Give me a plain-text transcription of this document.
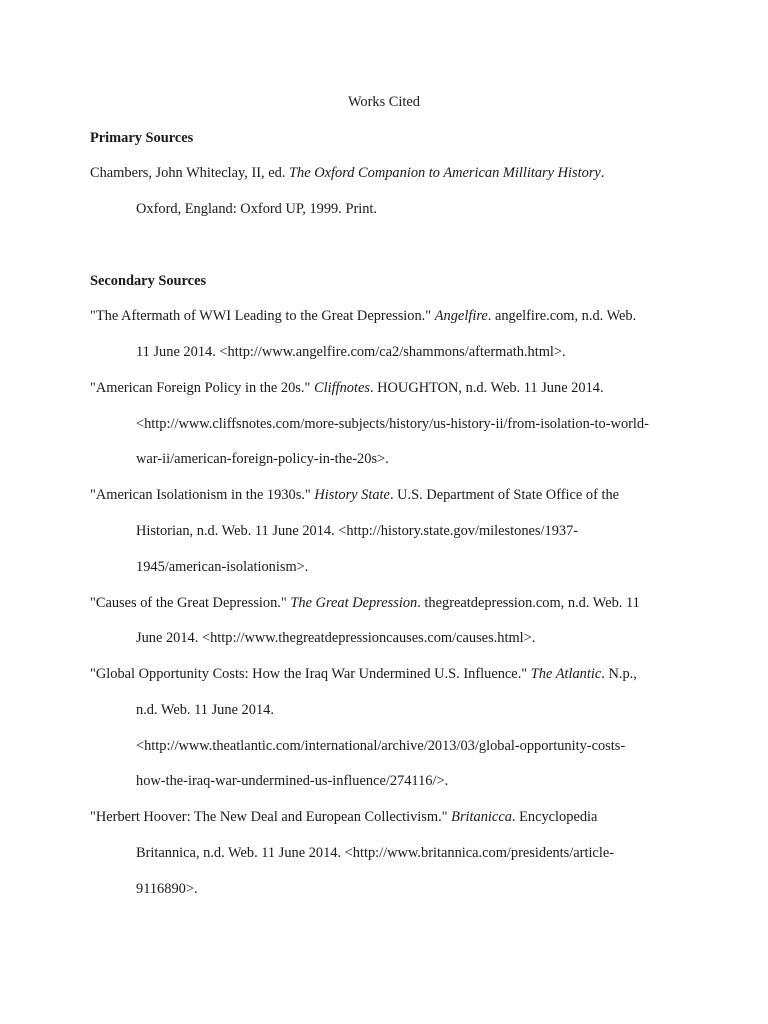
Works Cited

Primary Sources

Chambers, John Whiteclay, II, ed. The Oxford Companion to American Millitary History.

Oxford, England: Oxford UP, 1999. Print.

Secondary Sources

"The Aftermath of WWI Leading to the Great Depression." Angelfire. angelfire.com, n.d. Web.

11 June 2014. <http://www.angelfire.com/ca2/shammons/aftermath.html>.

"American Foreign Policy in the 20s." Cliffnotes. HOUGHTON, n.d. Web. 11 June 2014.

<http://www.cliffsnotes.com/more-subjects/history/us-history-ii/from-isolation-to-world-

war-ii/american-foreign-policy-in-the-20s>.

"American Isolationism in the 1930s." History State. U.S. Department of State Office of the

Historian, n.d. Web. 11 June 2014. <http://history.state.gov/milestones/1937-

1945/american-isolationism>.

"Causes of the Great Depression." The Great Depression. thegreatdepression.com, n.d. Web. 11

June 2014. <http://www.thegreatdepressioncauses.com/causes.html>.

"Global Opportunity Costs: How the Iraq War Undermined U.S. Influence." The Atlantic. N.p.,

n.d. Web. 11 June 2014.

<http://www.theatlantic.com/international/archive/2013/03/global-opportunity-costs-

how-the-iraq-war-undermined-us-influence/274116/>.

"Herbert Hoover: The New Deal and European Collectivism." Britanicca. Encyclopedia

Britannica, n.d. Web. 11 June 2014. <http://www.britannica.com/presidents/article-

9116890>.
